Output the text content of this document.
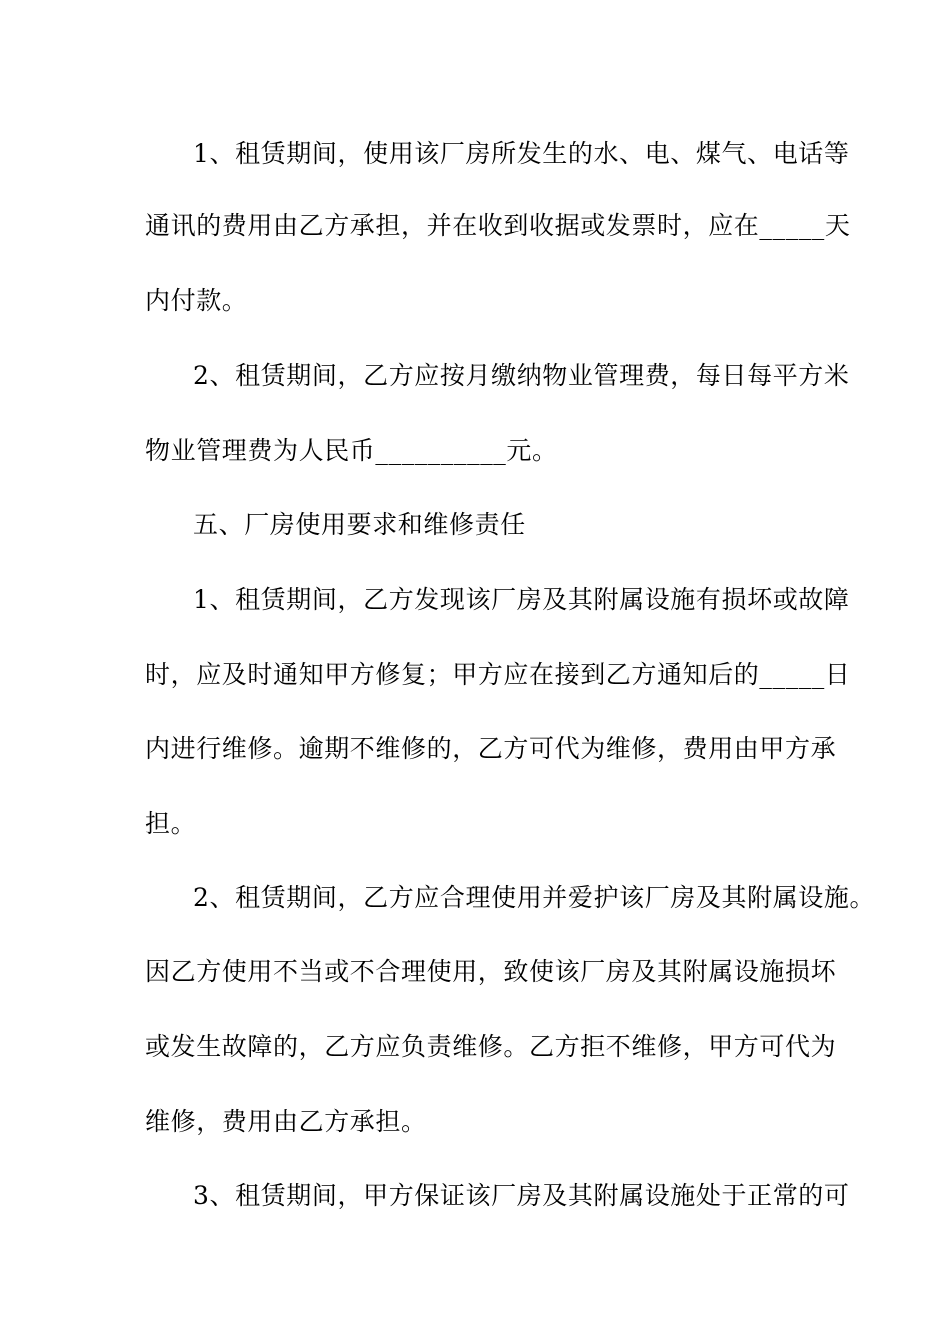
1、租赁期间，使用该厂房所发生的水、电、煤气、电话等
通讯的费用由乙方承担，并在收到收据或发票时，应在_____天
内付款。
2、租赁期间，乙方应按月缴纳物业管理费，每日每平方米
物业管理费为人民币__________元。
五、厂房使用要求和维修责任
1、租赁期间，乙方发现该厂房及其附属设施有损坏或故障
时，应及时通知甲方修复；甲方应在接到乙方通知后的_____日
内进行维修。逾期不维修的，乙方可代为维修，费用由甲方承
担。
2、租赁期间，乙方应合理使用并爱护该厂房及其附属设施。
因乙方使用不当或不合理使用，致使该厂房及其附属设施损坏
或发生故障的，乙方应负责维修。乙方拒不维修，甲方可代为
维修，费用由乙方承担。
3、租赁期间，甲方保证该厂房及其附属设施处于正常的可
